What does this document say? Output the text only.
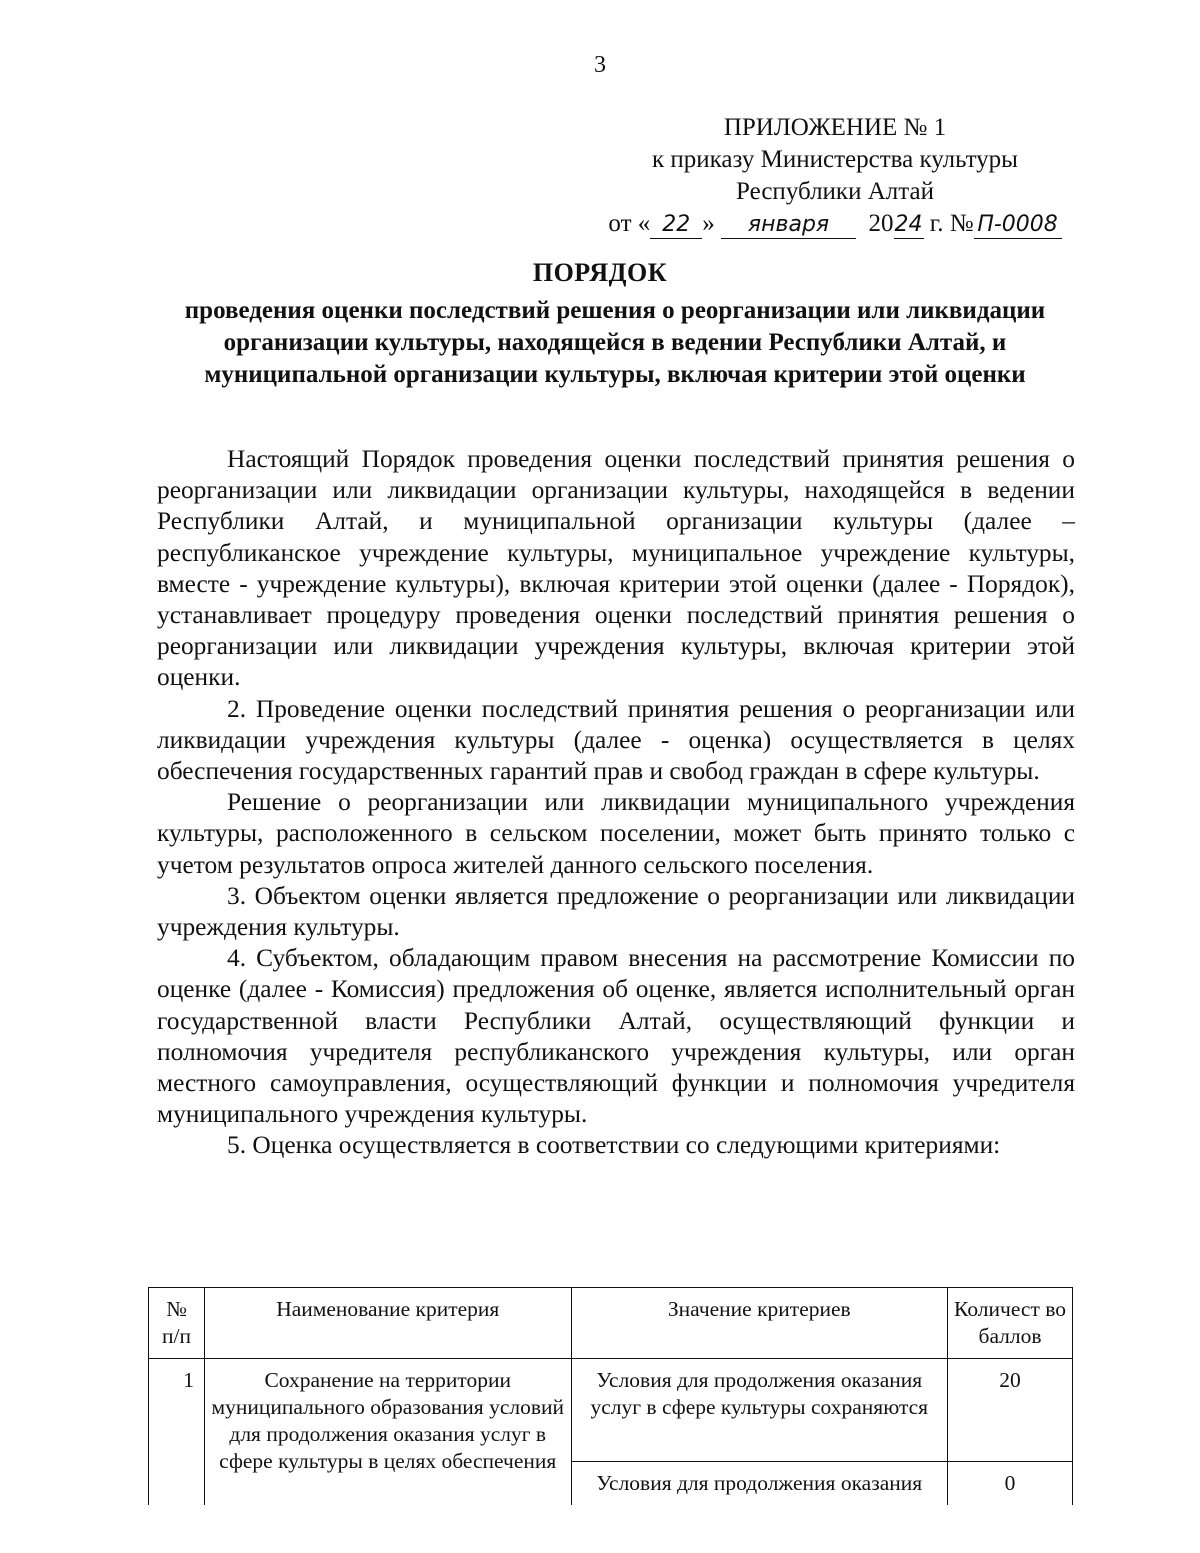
3
ПРИЛОЖЕНИЕ № 1
к приказу Министерства культуры
Республики Алтай
от « 22 » января 2024 г. № П-0008
ПОРЯДОК
проведения оценки последствий решения о реорганизации или ликвидации организации культуры, находящейся в ведении Республики Алтай, и муниципальной организации культуры, включая критерии этой оценки

Настоящий Порядок проведения оценки последствий принятия решения о реорганизации или ликвидации организации культуры, находящейся в ведении Республики Алтай, и муниципальной организации культуры (далее – республиканское учреждение культуры, муниципальное учреждение культуры, вместе - учреждение культуры), включая критерии этой оценки (далее - Порядок), устанавливает процедуру проведения оценки последствий принятия решения о реорганизации или ликвидации учреждения культуры, включая критерии этой оценки.

2. Проведение оценки последствий принятия решения о реорганизации или ликвидации учреждения культуры (далее - оценка) осуществляется в целях обеспечения государственных гарантий прав и свобод граждан в сфере культуры.

Решение о реорганизации или ликвидации муниципального учреждения культуры, расположенного в сельском поселении, может быть принято только с учетом результатов опроса жителей данного сельского поселения.

3. Объектом оценки является предложение о реорганизации или ликвидации учреждения культуры.

4. Субъектом, обладающим правом внесения на рассмотрение Комиссии по оценке (далее - Комиссия) предложения об оценке, является исполнительный орган государственной власти Республики Алтай, осуществляющий функции и полномочия учредителя республиканского учреждения культуры, или орган местного самоуправления, осуществляющий функции и полномочия учредителя муниципального учреждения культуры.

5. Оценка осуществляется в соответствии со следующими критериями:

№ п/п	Наименование критерия	Значение критериев	Количест во баллов
1	Сохранение на территории муниципального образования условий для продолжения оказания услуг в сфере культуры в целях обеспечения	Условия для продолжения оказания услуг в сфере культуры сохраняются	20
		Условия для продолжения оказания	0
